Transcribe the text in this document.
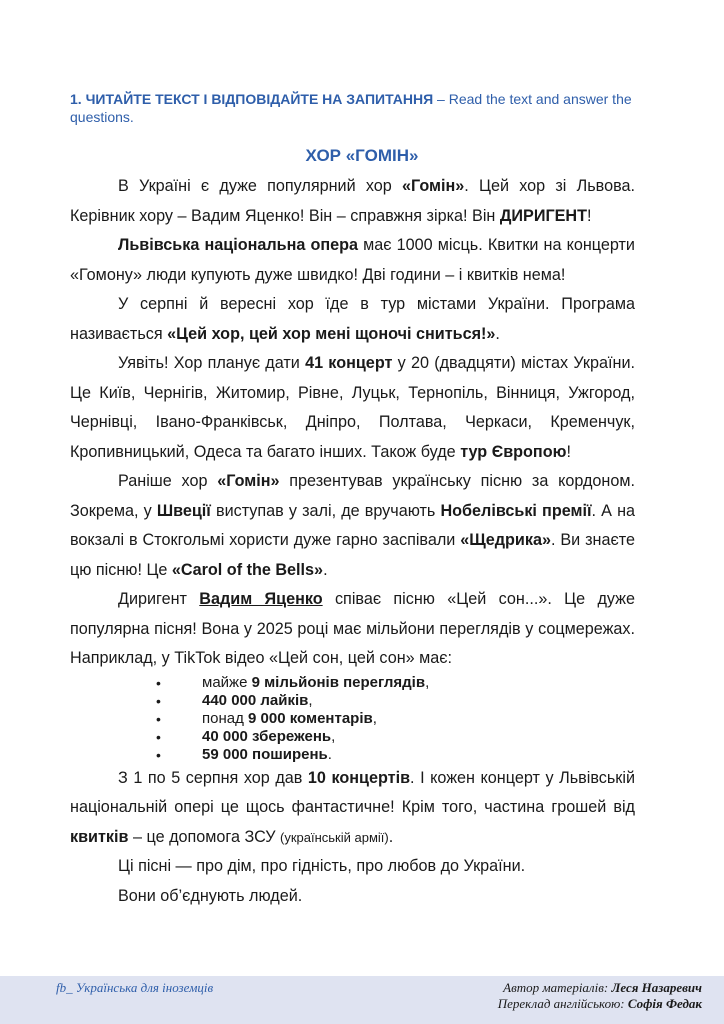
1. ЧИТАЙТЕ ТЕКСТ І ВІДПОВІДАЙТЕ НА ЗАПИТАННЯ – Read the text and answer the questions.
ХОР «ГОМІН»

В Україні є дуже популярний хор «Гомін». Цей хор зі Львова. Керівник хору – Вадим Яценко! Він – справжня зірка! Він ДИРИГЕНТ!

Львівська національна опера має 1000 місць. Квитки на концерти «Гомону» люди купують дуже швидко! Дві години – і квитків нема!

У серпні й вересні хор їде в тур містами України. Програма називається «Цей хор, цей хор мені щоночі сниться!».

Уявіть! Хор планує дати 41 концерт у 20 (двадцяти) містах України. Це Київ, Чернігів, Житомир, Рівне, Луцьк, Тернопіль, Вінниця, Ужгород, Чернівці, Івано-Франківськ, Дніпро, Полтава, Черкаси, Кременчук, Кропивницький, Одеса та багато інших. Також буде тур Європою!

Раніше хор «Гомін» презентував українську пісню за кордоном. Зокрема, у Швеції виступав у залі, де вручають Нобелівські премії. А на вокзалі в Стокгольмі хористи дуже гарно заспівали «Щедрика». Ви знаєте цю пісню! Це «Carol of the Bells».

Диригент Вадим Яценко співає пісню «Цей сон...». Це дуже популярна пісня! Вона у 2025 році має мільйони переглядів у соцмережах. Наприклад, у TikTok відео «Цей сон, цей сон» має:

• майже 9 мільйонів переглядів,
• 440 000 лайків,
• понад 9 000 коментарів,
• 40 000 збережень,
• 59 000 поширень.

З 1 по 5 серпня хор дав 10 концертів. І кожен концерт у Львівській національній опері це щось фантастичне! Крім того, частина грошей від квитків – це допомога ЗСУ (українській армії).

Ці пісні — про дім, про гідність, про любов до України.

Вони об’єднують людей.

fb_ Українська для іноземців	Автор матеріалів: Леся Назаревич
Переклад англійською: Софія Федак
